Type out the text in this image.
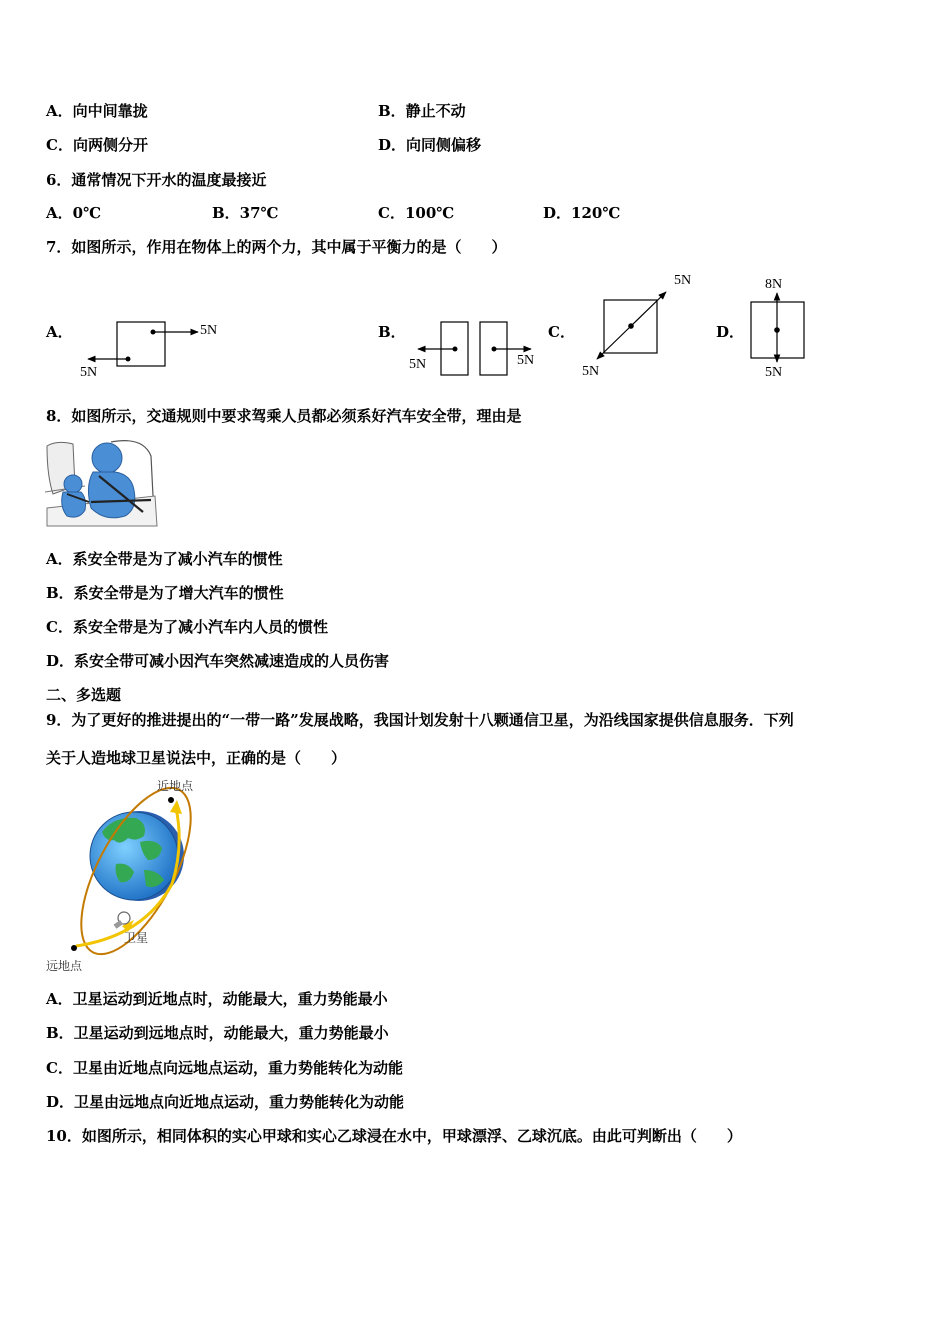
A．向中间靠拢	B．静止不动
C．向两侧分开	D．向同侧偏移
6．通常情况下开水的温度最接近
A．0℃	B．37℃	C．100℃	D．120℃
7．如图所示，作用在物体上的两个力，其中属于平衡力的是（　　）
A．	B．	C．	D．
5N
5N
5N	5N
5N
5N
8N
5N
8．如图所示，交通规则中要求驾乘人员都必须系好汽车安全带，理由是
A．系安全带是为了减小汽车的惯性
B．系安全带是为了增大汽车的惯性
C．系安全带是为了减小汽车内人员的惯性
D．系安全带可减小因汽车突然减速造成的人员伤害
二、多选题
9．为了更好的推进提出的“一带一路”发展战略，我国计划发射十八颗通信卫星，为沿线国家提供信息服务．下列
关于人造地球卫星说法中，正确的是（　　）
近地点
卫星
远地点
A．卫星运动到近地点时，动能最大，重力势能最小
B．卫星运动到远地点时，动能最大，重力势能最小
C．卫星由近地点向远地点运动，重力势能转化为动能
D．卫星由远地点向近地点运动，重力势能转化为动能
10．如图所示，相同体积的实心甲球和实心乙球浸在水中，甲球漂浮、乙球沉底。由此可判断出（　　）
